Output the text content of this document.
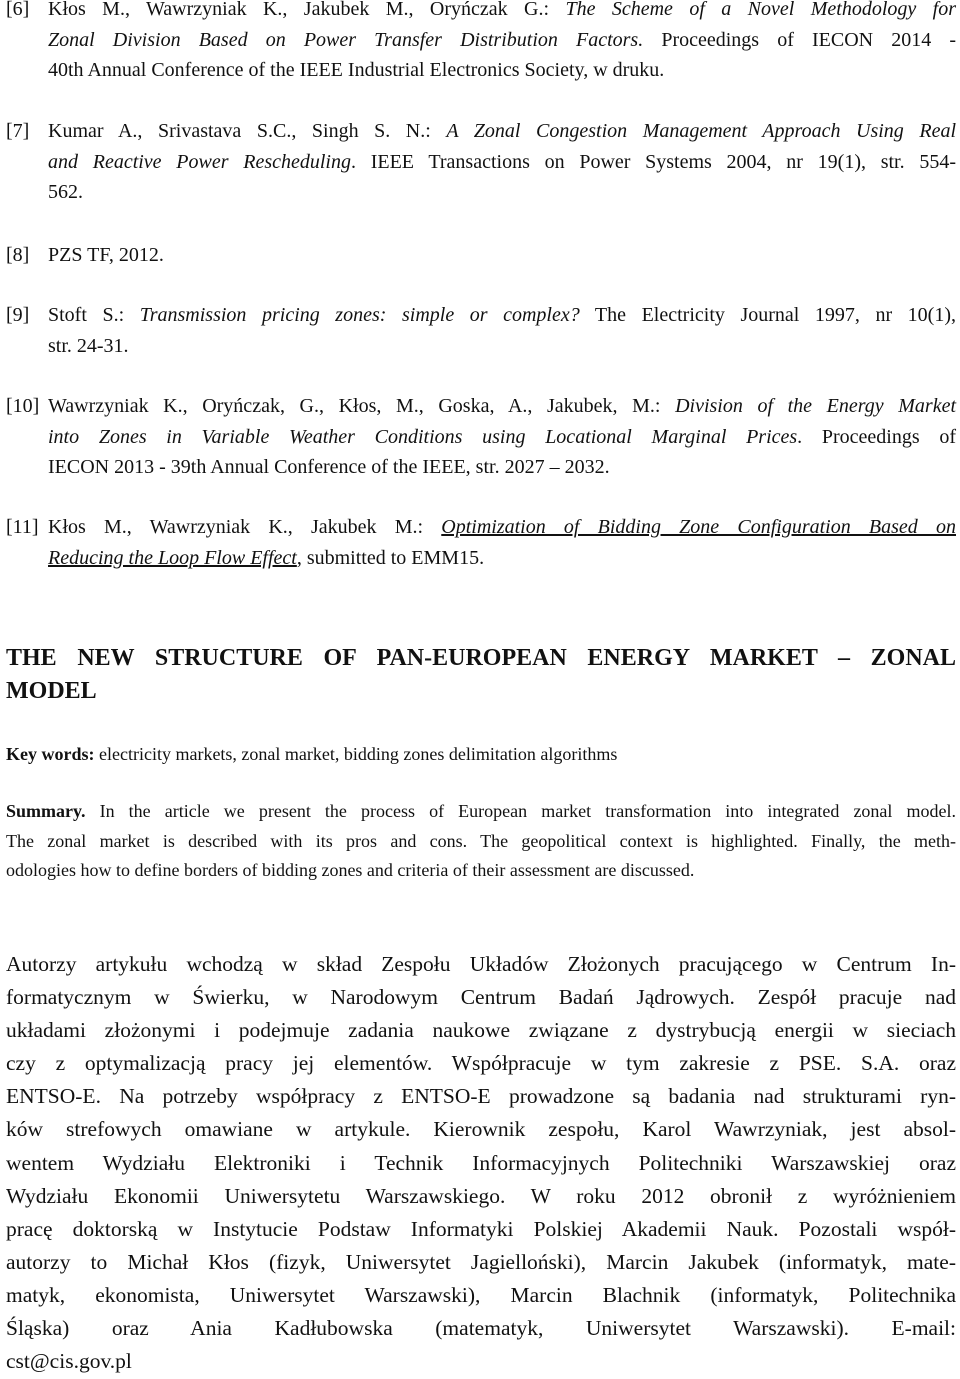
[6] Kłos M., Wawrzyniak K., Jakubek M., Oryńczak G.: The Scheme of a Novel Methodology for
Zonal Division Based on Power Transfer Distribution Factors. Proceedings of IECON 2014 -
40th Annual Conference of the IEEE Industrial Electronics Society, w druku.
[7] Kumar A., Srivastava S.C., Singh S. N.: A Zonal Congestion Management Approach Using Real
and Reactive Power Rescheduling. IEEE Transactions on Power Systems 2004, nr 19(1), str. 554-
562.
[8] PZS TF, 2012.
[9] Stoft S.: Transmission pricing zones: simple or complex? The Electricity Journal 1997, nr 10(1),
str. 24-31.
[10] Wawrzyniak K., Oryńczak, G., Kłos, M., Goska, A., Jakubek, M.: Division of the Energy Market
into Zones in Variable Weather Conditions using Locational Marginal Prices. Proceedings of
IECON 2013 - 39th Annual Conference of the IEEE, str. 2027 – 2032.
[11] Kłos M., Wawrzyniak K., Jakubek M.: Optimization of Bidding Zone Configuration Based on
Reducing the Loop Flow Effect, submitted to EMM15.
THE NEW STRUCTURE OF PAN-EUROPEAN ENERGY MARKET – ZONAL
MODEL
Key words: electricity markets, zonal market, bidding zones delimitation algorithms
Summary. In the article we present the process of European market transformation into integrated zonal model.
The zonal market is described with its pros and cons. The geopolitical context is highlighted. Finally, the meth-
odologies how to define borders of bidding zones and criteria of their assessment are discussed.
Autorzy artykułu wchodzą w skład Zespołu Układów Złożonych pracującego w Centrum In-
formatycznym w Świerku, w Narodowym Centrum Badań Jądrowych. Zespół pracuje nad
układami złożonymi i podejmuje zadania naukowe związane z dystrybucją energii w sieciach
czy z optymalizacją pracy jej elementów. Współpracuje w tym zakresie z PSE. S.A. oraz
ENTSO-E. Na potrzeby współpracy z ENTSO-E prowadzone są badania nad strukturami ryn-
ków strefowych omawiane w artykule. Kierownik zespołu, Karol Wawrzyniak, jest absol-
wentem Wydziału Elektroniki i Technik Informacyjnych Politechniki Warszawskiej oraz
Wydziału Ekonomii Uniwersytetu Warszawskiego. W roku 2012 obronił z wyróżnieniem
pracę doktorską w Instytucie Podstaw Informatyki Polskiej Akademii Nauk. Pozostali współ-
autorzy to Michał Kłos (fizyk, Uniwersytet Jagielloński), Marcin Jakubek (informatyk, mate-
matyk, ekonomista, Uniwersytet Warszawski), Marcin Blachnik (informatyk, Politechnika
Śląska) oraz Ania Kadłubowska (matematyk, Uniwersytet Warszawski). E-mail:
cst@cis.gov.pl
